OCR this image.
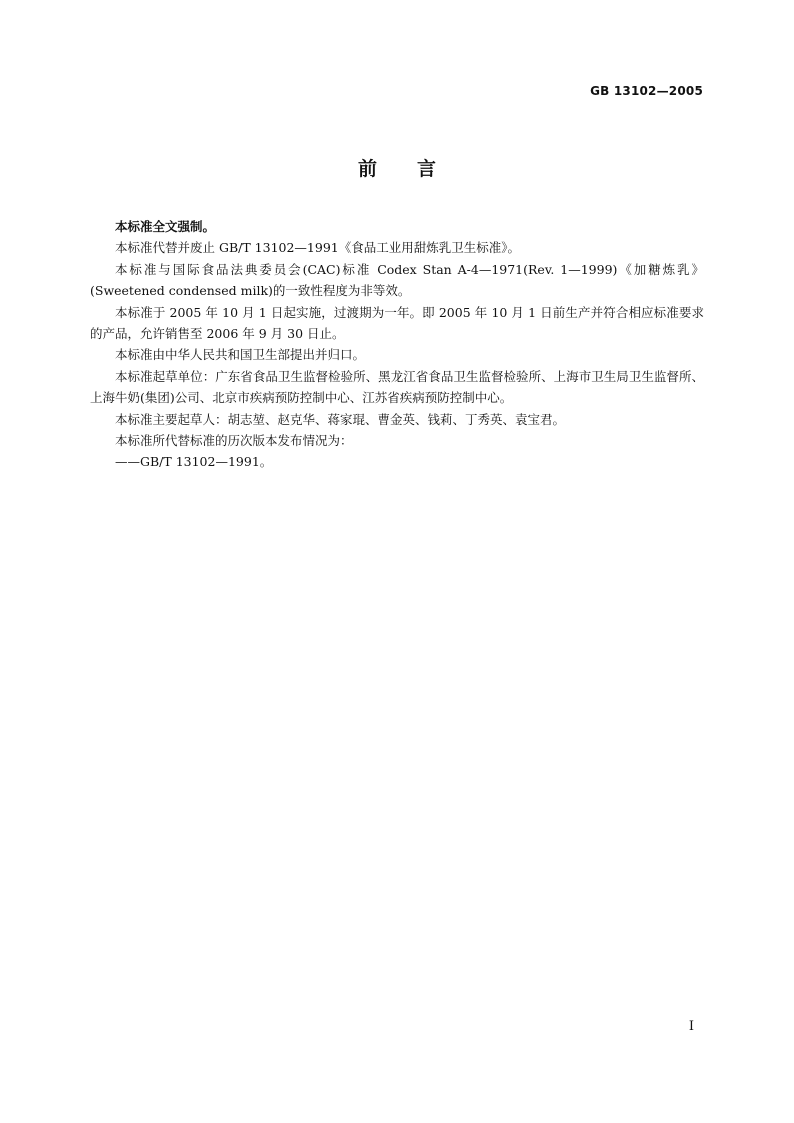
GB 13102—2005
前言

本标准全文强制。

本标准代替并废止 GB/T 13102—1991《食品工业用甜炼乳卫生标准》。

本标准与国际食品法典委员会(CAC)标准 Codex Stan A-4—1971(Rev. 1—1999)《加糖炼乳》(Sweetened condensed milk)的一致性程度为非等效。

本标准于 2005 年 10 月 1 日起实施，过渡期为一年。即 2005 年 10 月 1 日前生产并符合相应标准要求的产品，允许销售至 2006 年 9 月 30 日止。

本标准由中华人民共和国卫生部提出并归口。

本标准起草单位：广东省食品卫生监督检验所、黑龙江省食品卫生监督检验所、上海市卫生局卫生监督所、上海牛奶(集团)公司、北京市疾病预防控制中心、江苏省疾病预防控制中心。

本标准主要起草人：胡志堃、赵克华、蒋家琨、曹金英、钱莉、丁秀英、袁宝君。

本标准所代替标准的历次版本发布情况为：

——GB/T 13102—1991。

I
